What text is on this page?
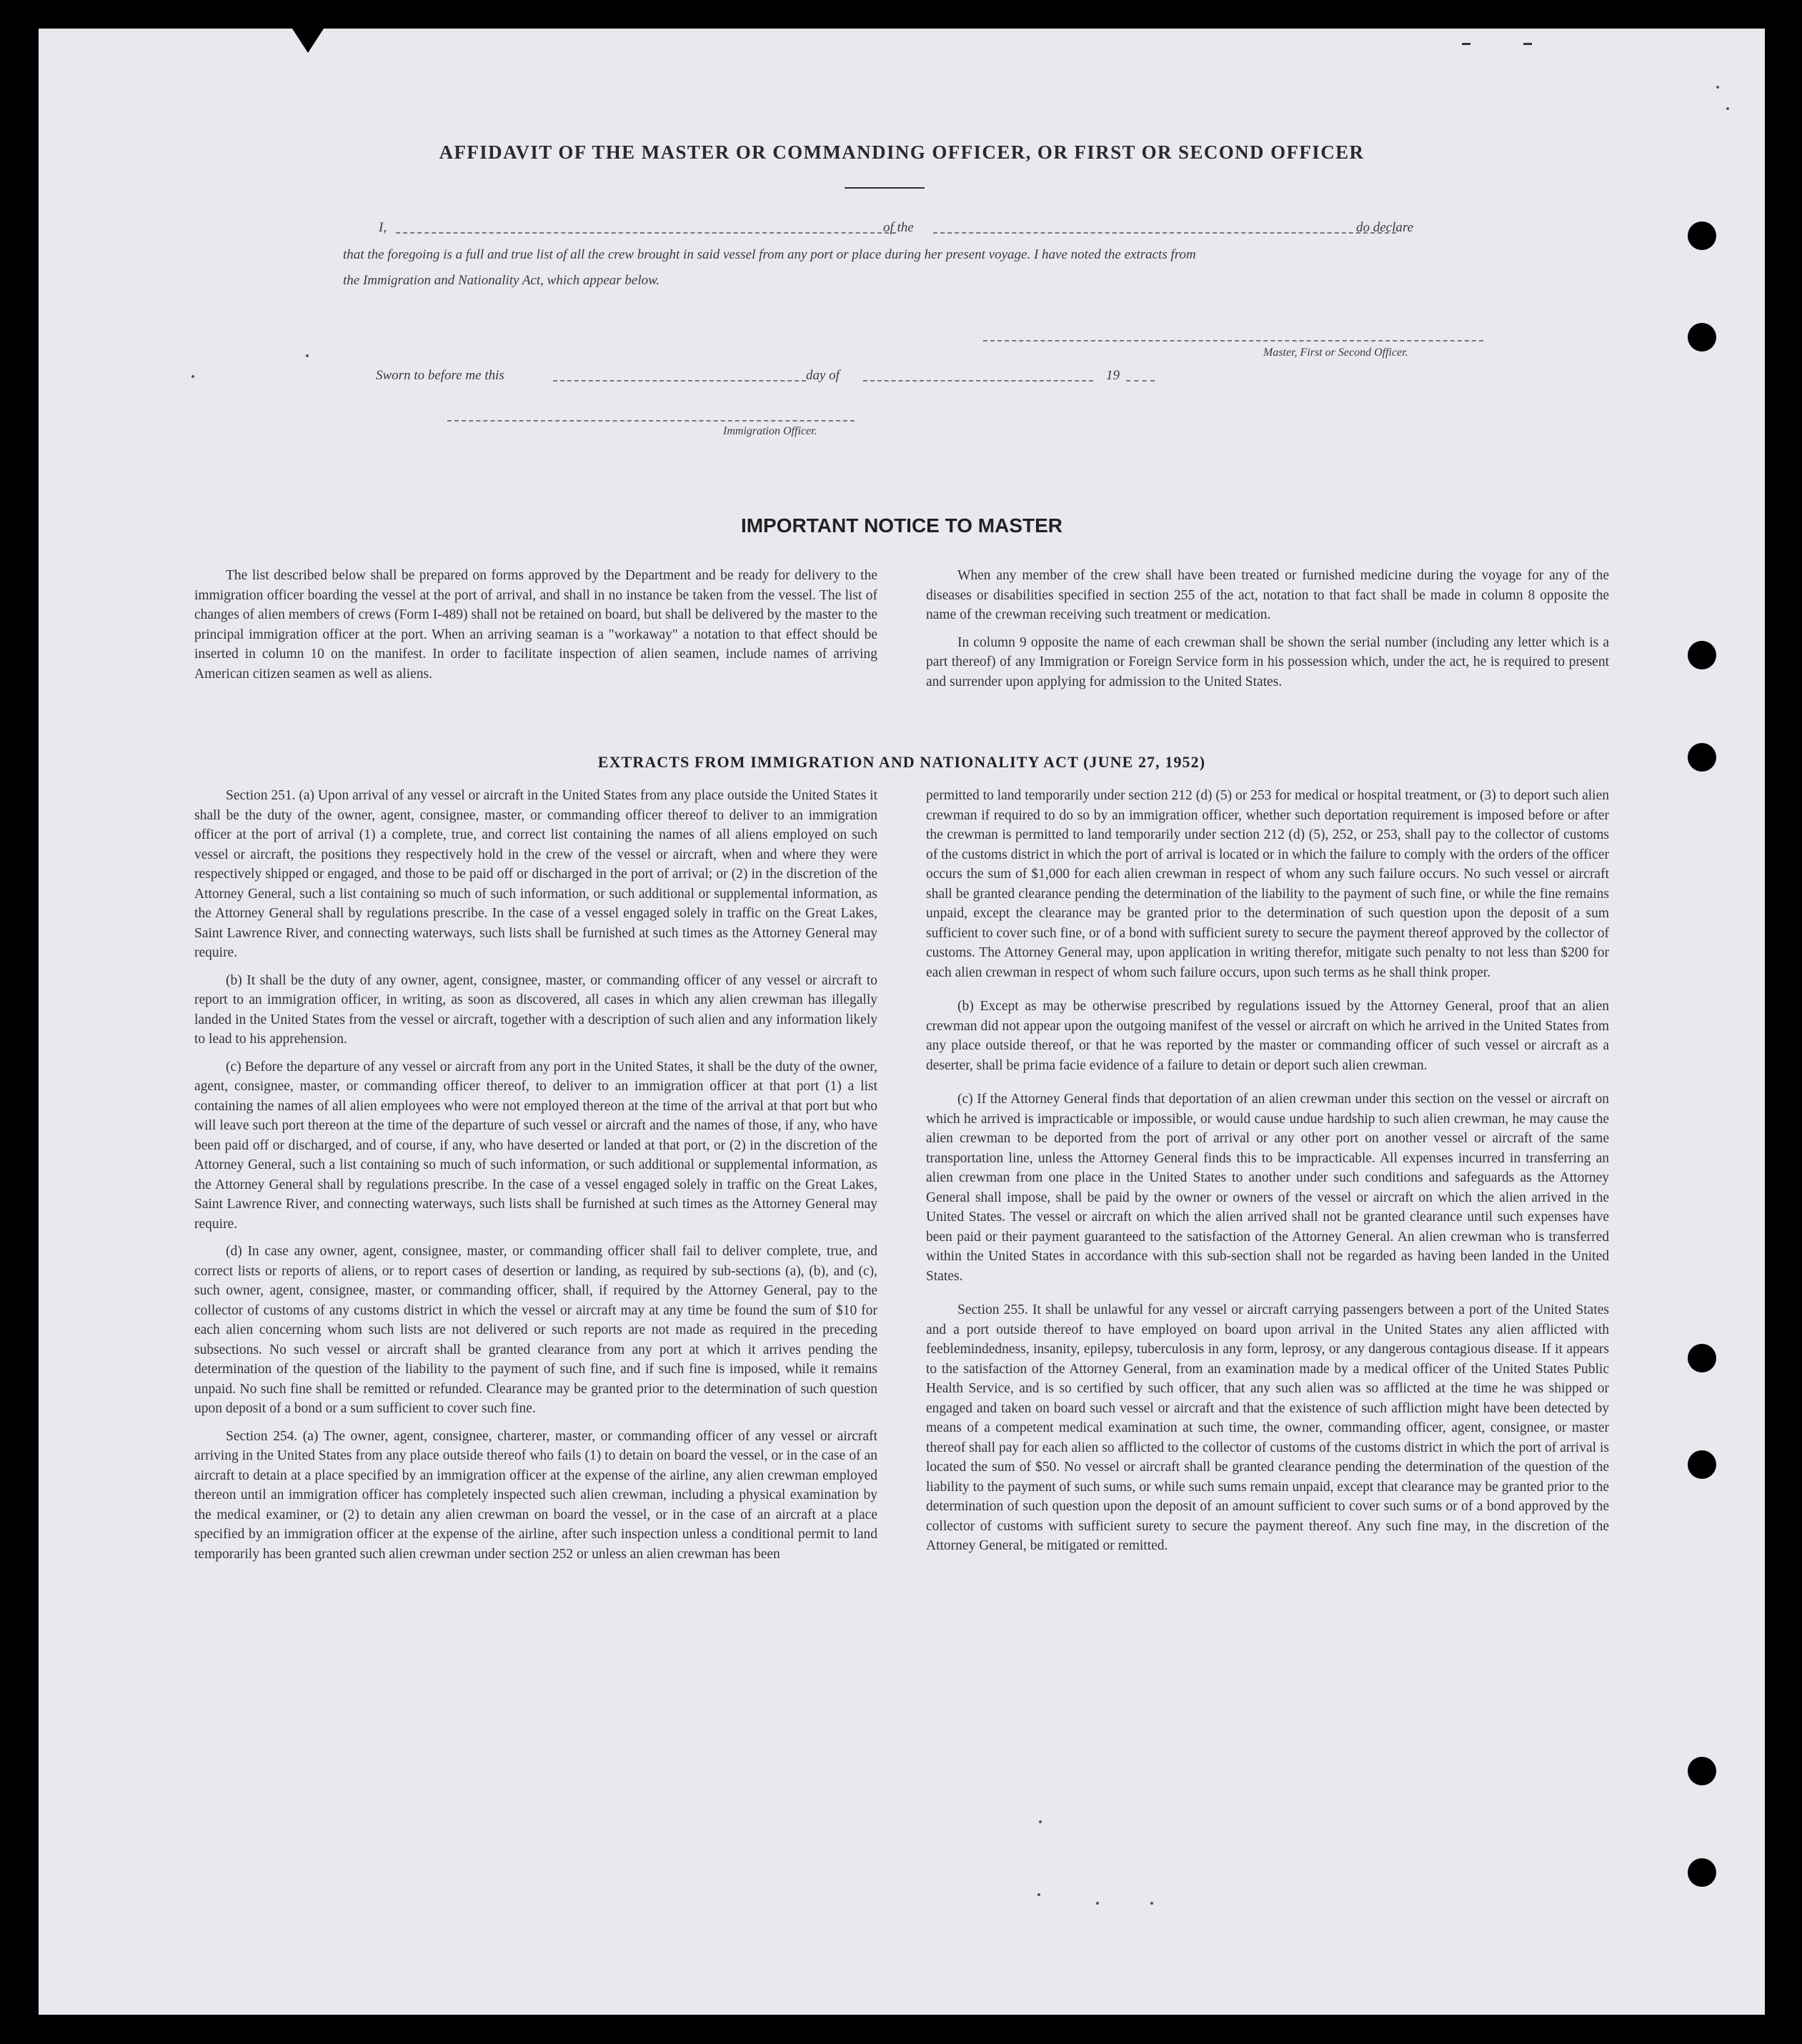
AFFIDAVIT OF THE MASTER OR COMMANDING OFFICER, OR FIRST OR SECOND OFFICER
I,	of the	do declare
that the foregoing is a full and true list of all the crew brought in said vessel from any port or place during her present voyage. I have noted the extracts from
the Immigration and Nationality Act, which appear below.
Master, First or Second Officer.
Sworn to before me this	day of	19
Immigration Officer.
IMPORTANT NOTICE TO MASTER

The list described below shall be prepared on forms approved by the Department and be ready for delivery to the immigration officer boarding the vessel at the port of arrival, and shall in no instance be taken from the vessel. The list of changes of alien members of crews (Form I-489) shall not be retained on board, but shall be delivered by the master to the principal immigration officer at the port. When an arriving seaman is a "workaway" a notation to that effect should be inserted in column 10 on the manifest. In order to facilitate inspection of alien seamen, include names of arriving American citizen seamen as well as aliens.

When any member of the crew shall have been treated or furnished medicine during the voyage for any of the diseases or disabilities specified in section 255 of the act, notation to that fact shall be made in column 8 opposite the name of the crewman receiving such treatment or medication.

In column 9 opposite the name of each crewman shall be shown the serial number (including any letter which is a part thereof) of any Immigration or Foreign Service form in his possession which, under the act, he is required to present and surrender upon applying for admission to the United States.

EXTRACTS FROM IMMIGRATION AND NATIONALITY ACT (JUNE 27, 1952)

Section 251. (a) Upon arrival of any vessel or aircraft in the United States from any place outside the United States it shall be the duty of the owner, agent, consignee, master, or commanding officer thereof to deliver to an immigration officer at the port of arrival (1) a complete, true, and correct list containing the names of all aliens employed on such vessel or aircraft, the positions they respectively hold in the crew of the vessel or aircraft, when and where they were respectively shipped or engaged, and those to be paid off or discharged in the port of arrival; or (2) in the discretion of the Attorney General, such a list containing so much of such information, or such additional or supplemental information, as the Attorney General shall by regulations prescribe. In the case of a vessel engaged solely in traffic on the Great Lakes, Saint Lawrence River, and connecting waterways, such lists shall be furnished at such times as the Attorney General may require.

(b) It shall be the duty of any owner, agent, consignee, master, or commanding officer of any vessel or aircraft to report to an immigration officer, in writing, as soon as discovered, all cases in which any alien crewman has illegally landed in the United States from the vessel or aircraft, together with a description of such alien and any information likely to lead to his apprehension.

(c) Before the departure of any vessel or aircraft from any port in the United States, it shall be the duty of the owner, agent, consignee, master, or commanding officer thereof, to deliver to an immigration officer at that port (1) a list containing the names of all alien employees who were not employed thereon at the time of the arrival at that port but who will leave such port thereon at the time of the departure of such vessel or aircraft and the names of those, if any, who have been paid off or discharged, and of course, if any, who have deserted or landed at that port, or (2) in the discretion of the Attorney General, such a list containing so much of such information, or such additional or supplemental information, as the Attorney General shall by regulations prescribe. In the case of a vessel engaged solely in traffic on the Great Lakes, Saint Lawrence River, and connecting waterways, such lists shall be furnished at such times as the Attorney General may require.

(d) In case any owner, agent, consignee, master, or commanding officer shall fail to deliver complete, true, and correct lists or reports of aliens, or to report cases of desertion or landing, as required by sub-sections (a), (b), and (c), such owner, agent, consignee, master, or commanding officer, shall, if required by the Attorney General, pay to the collector of customs of any customs district in which the vessel or aircraft may at any time be found the sum of $10 for each alien concerning whom such lists are not delivered or such reports are not made as required in the preceding subsections. No such vessel or aircraft shall be granted clearance from any port at which it arrives pending the determination of the question of the liability to the payment of such fine, and if such fine is imposed, while it remains unpaid. No such fine shall be remitted or refunded. Clearance may be granted prior to the determination of such question upon deposit of a bond or a sum sufficient to cover such fine.

Section 254. (a) The owner, agent, consignee, charterer, master, or commanding officer of any vessel or aircraft arriving in the United States from any place outside thereof who fails (1) to detain on board the vessel, or in the case of an aircraft to detain at a place specified by an immigration officer at the expense of the airline, any alien crewman employed thereon until an immigration officer has completely inspected such alien crewman, including a physical examination by the medical examiner, or (2) to detain any alien crewman on board the vessel, or in the case of an aircraft at a place specified by an immigration officer at the expense of the airline, after such inspection unless a conditional permit to land temporarily has been granted such alien crewman under section 252 or unless an alien crewman has been

permitted to land temporarily under section 212 (d) (5) or 253 for medical or hospital treatment, or (3) to deport such alien crewman if required to do so by an immigration officer, whether such deportation requirement is imposed before or after the crewman is permitted to land temporarily under section 212 (d) (5), 252, or 253, shall pay to the collector of customs of the customs district in which the port of arrival is located or in which the failure to comply with the orders of the officer occurs the sum of $1,000 for each alien crewman in respect of whom any such failure occurs. No such vessel or aircraft shall be granted clearance pending the determination of the liability to the payment of such fine, or while the fine remains unpaid, except the clearance may be granted prior to the determination of such question upon the deposit of a sum sufficient to cover such fine, or of a bond with sufficient surety to secure the payment thereof approved by the collector of customs. The Attorney General may, upon application in writing therefor, mitigate such penalty to not less than $200 for each alien crewman in respect of whom such failure occurs, upon such terms as he shall think proper.

(b) Except as may be otherwise prescribed by regulations issued by the Attorney General, proof that an alien crewman did not appear upon the outgoing manifest of the vessel or aircraft on which he arrived in the United States from any place outside thereof, or that he was reported by the master or commanding officer of such vessel or aircraft as a deserter, shall be prima facie evidence of a failure to detain or deport such alien crewman.

(c) If the Attorney General finds that deportation of an alien crewman under this section on the vessel or aircraft on which he arrived is impracticable or impossible, or would cause undue hardship to such alien crewman, he may cause the alien crewman to be deported from the port of arrival or any other port on another vessel or aircraft of the same transportation line, unless the Attorney General finds this to be impracticable. All expenses incurred in transferring an alien crewman from one place in the United States to another under such conditions and safeguards as the Attorney General shall impose, shall be paid by the owner or owners of the vessel or aircraft on which the alien arrived in the United States. The vessel or aircraft on which the alien arrived shall not be granted clearance until such expenses have been paid or their payment guaranteed to the satisfaction of the Attorney General. An alien crewman who is transferred within the United States in accordance with this sub-section shall not be regarded as having been landed in the United States.

Section 255. It shall be unlawful for any vessel or aircraft carrying passengers between a port of the United States and a port outside thereof to have employed on board upon arrival in the United States any alien afflicted with feeblemindedness, insanity, epilepsy, tuberculosis in any form, leprosy, or any dangerous contagious disease. If it appears to the satisfaction of the Attorney General, from an examination made by a medical officer of the United States Public Health Service, and is so certified by such officer, that any such alien was so afflicted at the time he was shipped or engaged and taken on board such vessel or aircraft and that the existence of such affliction might have been detected by means of a competent medical examination at such time, the owner, commanding officer, agent, consignee, or master thereof shall pay for each alien so afflicted to the collector of customs of the customs district in which the port of arrival is located the sum of $50. No vessel or aircraft shall be granted clearance pending the determination of the question of the liability to the payment of such sums, or while such sums remain unpaid, except that clearance may be granted prior to the determination of such question upon the deposit of an amount sufficient to cover such sums or of a bond approved by the collector of customs with sufficient surety to secure the payment thereof. Any such fine may, in the discretion of the Attorney General, be mitigated or remitted.
